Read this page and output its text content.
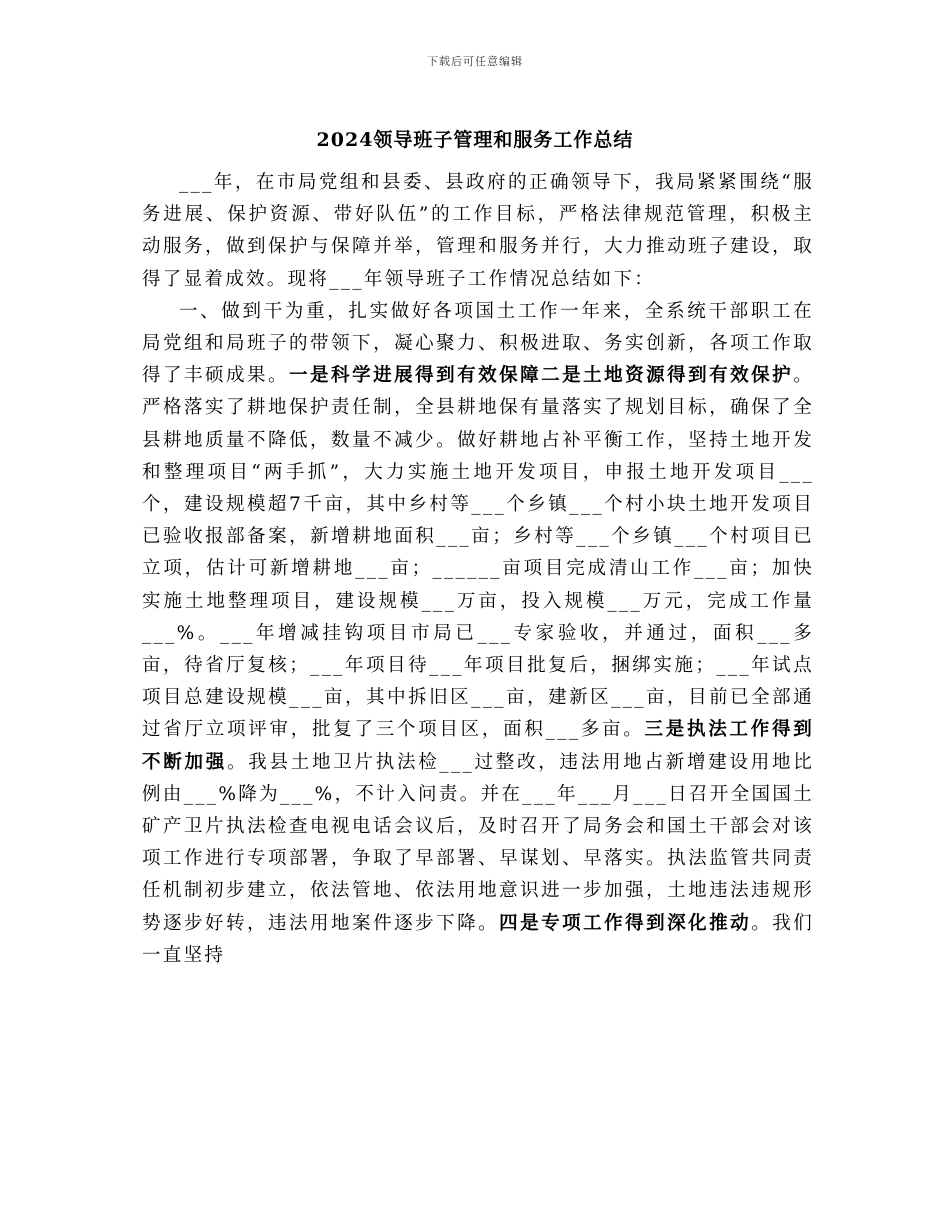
下载后可任意编辑
2024领导班子管理和服务工作总结

___年，在市局党组和县委、县政府的正确领导下，我局紧紧围绕“服务进展、保护资源、带好队伍”的工作目标，严格法律规范管理，积极主动服务，做到保护与保障并举，管理和服务并行，大力推动班子建设，取得了显着成效。现将___年领导班子工作情况总结如下：

一、做到干为重，扎实做好各项国土工作一年来，全系统干部职工在局党组和局班子的带领下，凝心聚力、积极进取、务实创新，各项工作取得了丰硕成果。一是科学进展得到有效保障二是土地资源得到有效保护。严格落实了耕地保护责任制，全县耕地保有量落实了规划目标，确保了全县耕地质量不降低，数量不减少。做好耕地占补平衡工作，坚持土地开发和整理项目“两手抓”，大力实施土地开发项目，申报土地开发项目___个，建设规模超7千亩，其中乡村等___个乡镇___个村小块土地开发项目已验收报部备案，新增耕地面积___亩；乡村等___个乡镇___个村项目已立项，估计可新增耕地___亩；______亩项目完成清山工作___亩；加快实施土地整理项目，建设规模___万亩，投入规模___万元，完成工作量___%。___年增减挂钩项目市局已___专家验收，并通过，面积___多亩，待省厅复核；___年项目待___年项目批复后，捆绑实施；___年试点项目总建设规模___亩，其中拆旧区___亩，建新区___亩，目前已全部通过省厅立项评审，批复了三个项目区，面积___多亩。三是执法工作得到不断加强。我县土地卫片执法检___过整改，违法用地占新增建设用地比例由___%降为___%，不计入问责。并在___年___月___日召开全国国土矿产卫片执法检查电视电话会议后，及时召开了局务会和国土干部会对该项工作进行专项部署，争取了早部署、早谋划、早落实。执法监管共同责任机制初步建立，依法管地、依法用地意识进一步加强，土地违法违规形势逐步好转，违法用地案件逐步下降。四是专项工作得到深化推动。我们一直坚持
